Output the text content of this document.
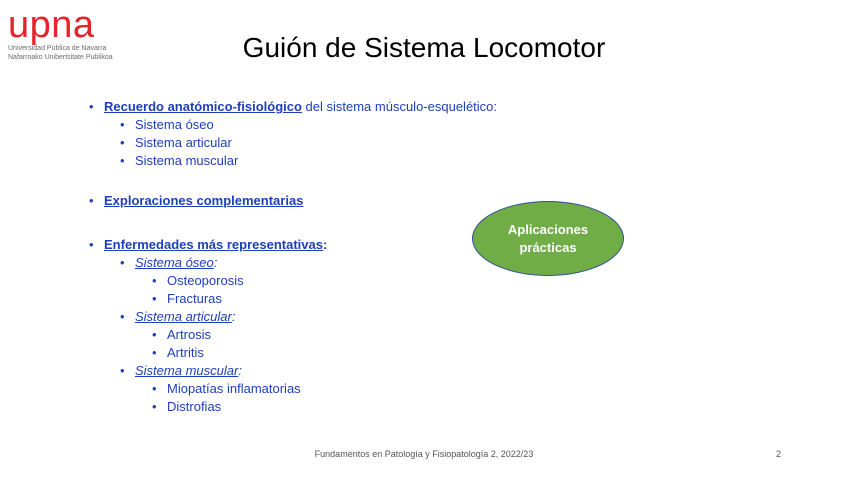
upna
Universidad Pública de Navarra
Nafarroako Unibertsitate Publikoa	Guión de Sistema Locomotor
• Recuerdo anatómico-fisiológico del sistema músculo-esquelético:
• Sistema óseo
• Sistema articular
• Sistema muscular
• Exploraciones complementarias
• Enfermedades más representativas:
• Sistema óseo:
• Osteoporosis
• Fracturas
• Sistema articular:
• Artrosis
• Artritis
• Sistema muscular:
• Miopatías inflamatorias
• Distrofias
Aplicaciones
prácticas
Fundamentos en Patología y Fisiopatología 2, 2022/23	2
